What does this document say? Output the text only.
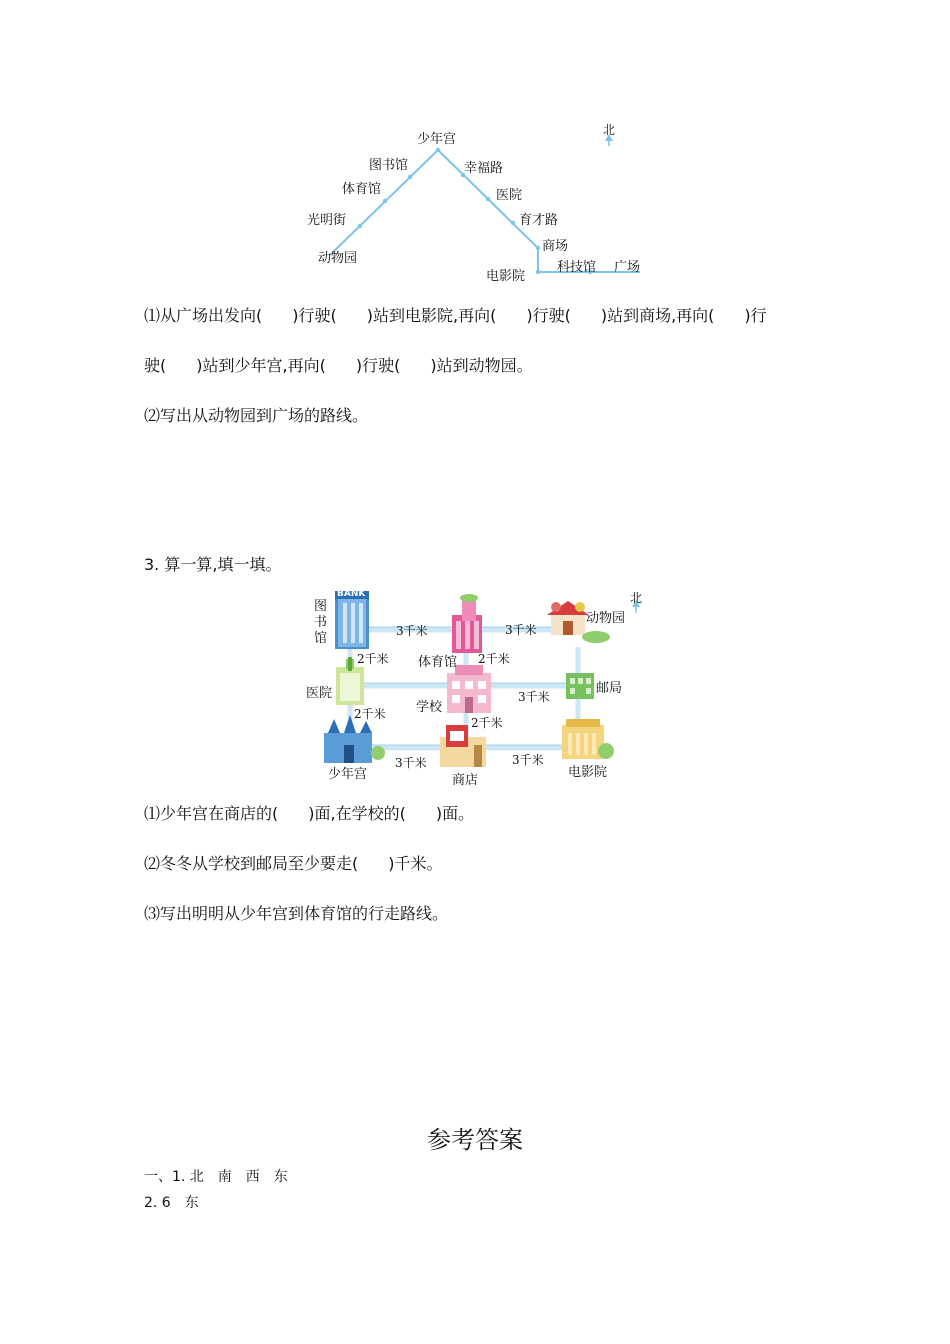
北
少年宫
图书馆
体育馆
光明街
动物园
幸福路
医院
育才路
商场
电影院
科技馆 广场
⑴从广场出发向( )行驶( )站到电影院,再向( )行驶( )站到商场,再向( )行
驶( )站到少年宫,再向( )行驶( )站到动物园。
⑵写出从动物园到广场的路线。
3. 算一算,填一填。
北
BANK
图书馆
体育馆
动物园
医院
学校
邮局
少年宫	商店
电影院
3千米	3千米
2千米	2千米
3千米
2千米
2千米
3千米	3千米
⑴少年宫在商店的( )面,在学校的( )面。
⑵冬冬从学校到邮局至少要走( )千米。
⑶写出明明从少年宫到体育馆的行走路线。
参考答案
一、1. 北　南　西　东
2. 6　东
